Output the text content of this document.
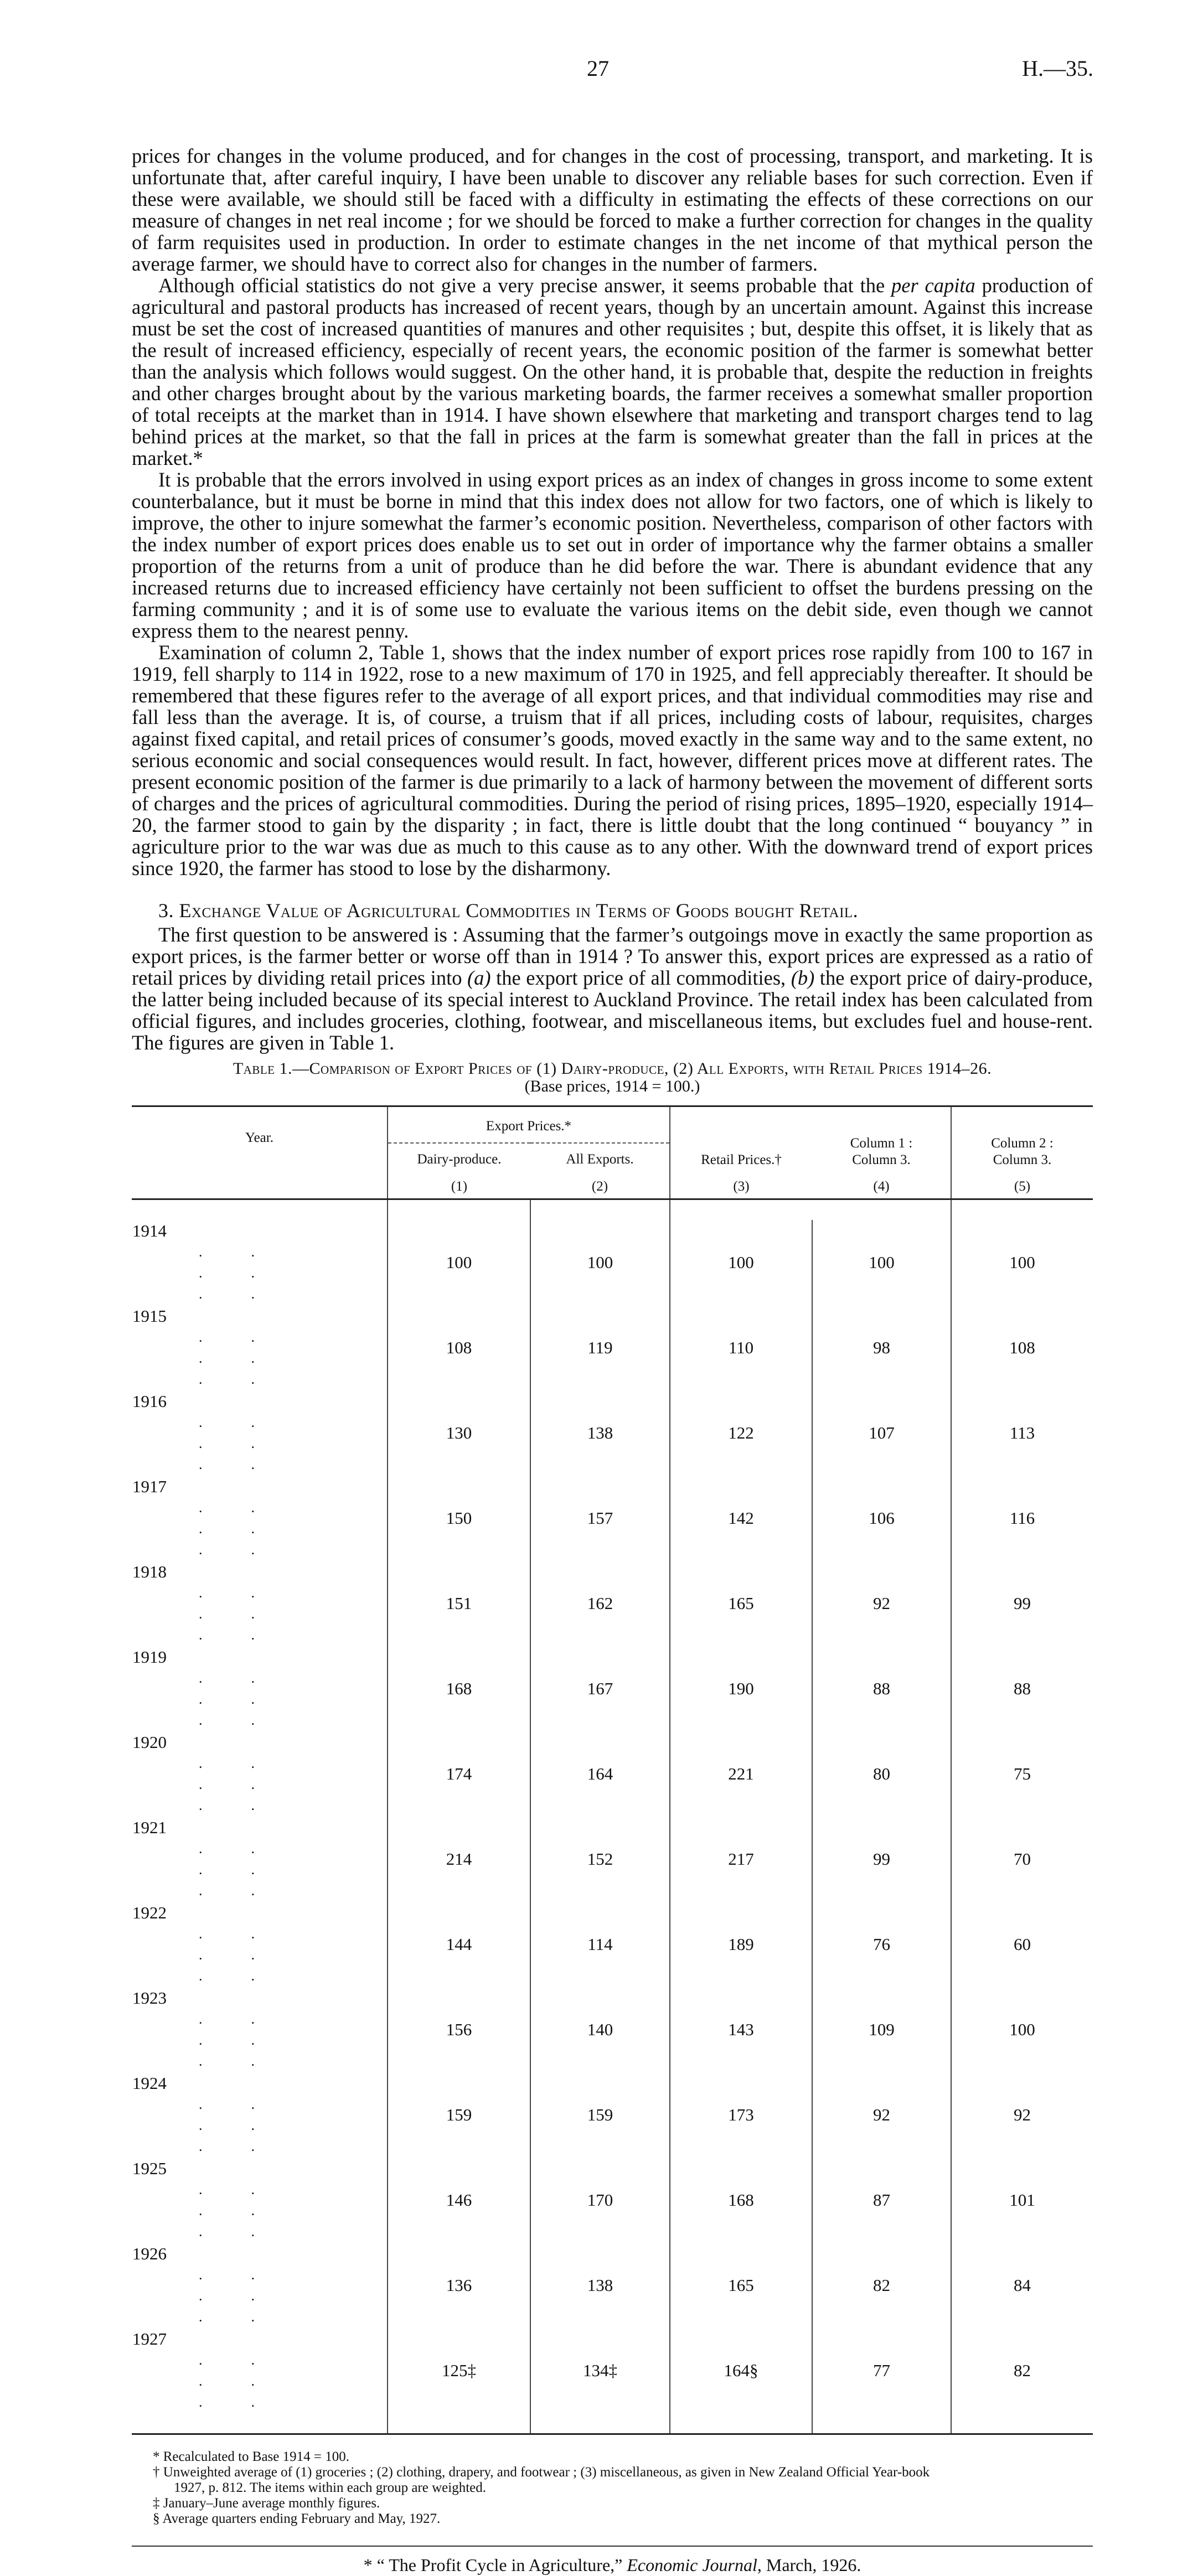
27	H.—35.

prices for changes in the volume produced, and for changes in the cost of processing, transport, and marketing. It is unfortunate that, after careful inquiry, I have been unable to discover any reliable bases for such correction. Even if these were available, we should still be faced with a difficulty in estimating the effects of these corrections on our measure of changes in net real income ; for we should be forced to make a further correction for changes in the quality of farm requisites used in production. In order to estimate changes in the net income of that mythical person the average farmer, we should have to correct also for changes in the number of farmers.

Although official statistics do not give a very precise answer, it seems probable that the per capita production of agricultural and pastoral products has increased of recent years, though by an uncertain amount. Against this increase must be set the cost of increased quantities of manures and other requisites ; but, despite this offset, it is likely that as the result of increased efficiency, especially of recent years, the economic position of the farmer is somewhat better than the analysis which follows would suggest. On the other hand, it is probable that, despite the reduction in freights and other charges brought about by the various marketing boards, the farmer receives a somewhat smaller proportion of total receipts at the market than in 1914. I have shown elsewhere that marketing and transport charges tend to lag behind prices at the market, so that the fall in prices at the farm is somewhat greater than the fall in prices at the market.*

It is probable that the errors involved in using export prices as an index of changes in gross income to some extent counterbalance, but it must be borne in mind that this index does not allow for two factors, one of which is likely to improve, the other to injure somewhat the farmer’s economic position. Nevertheless, comparison of other factors with the index number of export prices does enable us to set out in order of importance why the farmer obtains a smaller proportion of the returns from a unit of produce than he did before the war. There is abundant evidence that any increased returns due to increased efficiency have certainly not been sufficient to offset the burdens pressing on the farming community ; and it is of some use to evaluate the various items on the debit side, even though we cannot express them to the nearest penny.

Examination of column 2, Table 1, shows that the index number of export prices rose rapidly from 100 to 167 in 1919, fell sharply to 114 in 1922, rose to a new maximum of 170 in 1925, and fell appreciably thereafter. It should be remembered that these figures refer to the average of all export prices, and that individual commodities may rise and fall less than the average. It is, of course, a truism that if all prices, including costs of labour, requisites, charges against fixed capital, and retail prices of consumer’s goods, moved exactly in the same way and to the same extent, no serious economic and social consequences would result. In fact, however, different prices move at different rates. The present economic position of the farmer is due primarily to a lack of harmony between the movement of different sorts of charges and the prices of agricultural commodities. During the period of rising prices, 1895–1920, especially 1914–20, the farmer stood to gain by the disparity ; in fact, there is little doubt that the long continued “ bouyancy ” in agriculture prior to the war was due as much to this cause as to any other. With the downward trend of export prices since 1920, the farmer has stood to lose by the disharmony.

3. Exchange Value of Agricultural Commodities in Terms of Goods bought Retail.

The first question to be answered is : Assuming that the farmer’s outgoings move in exactly the same proportion as export prices, is the farmer better or worse off than in 1914 ? To answer this, export prices are expressed as a ratio of retail prices by dividing retail prices into (a) the export price of all commodities, (b) the export price of dairy-produce, the latter being included because of its special interest to Auckland Province. The retail index has been calculated from official figures, and includes groceries, clothing, footwear, and miscellaneous items, but excludes fuel and house-rent. The figures are given in Table 1.

Table 1.—Comparison of Export Prices of (1) Dairy-produce, (2) All Exports, with Retail Prices 1914–26.
(Base prices, 1914 = 100.)

Year.	Export Prices.*		Retail Prices.†	Column 1 : Column 3.	Column 2 : Column 3.
	Dairy-produce.	All Exports.			
	(1)	(2)	(3)	(4)	(5)

1914.. .. ..	100	100	100	100	100
1915.. .. ..	108	119	110	98	108
1916.. .. ..	130	138	122	107	113
1917.. .. ..	150	157	142	106	116
1918.. .. ..	151	162	165	92	99
1919.. .. ..	168	167	190	88	88
1920.. .. ..	174	164	221	80	75
1921.. .. ..	214	152	217	99	70
1922.. .. ..	144	114	189	76	60
1923.. .. ..	156	140	143	109	100
1924.. .. ..	159	159	173	92	92
1925.. .. ..	146	170	168	87	101
1926.. .. ..	136	138	165	82	84
1927.. .. ..	125‡	134‡	164§	77	82

* Recalculated to Base 1914 = 100.
† Unweighted average of (1) groceries ; (2) clothing, drapery, and footwear ; (3) miscellaneous, as given in New Zealand Official Year-book
1927, p. 812. The items within each group are weighted.
‡ January–June average monthly figures.
§ Average quarters ending February and May, 1927.
* “ The Profit Cycle in Agriculture,” Economic Journal, March, 1926.
